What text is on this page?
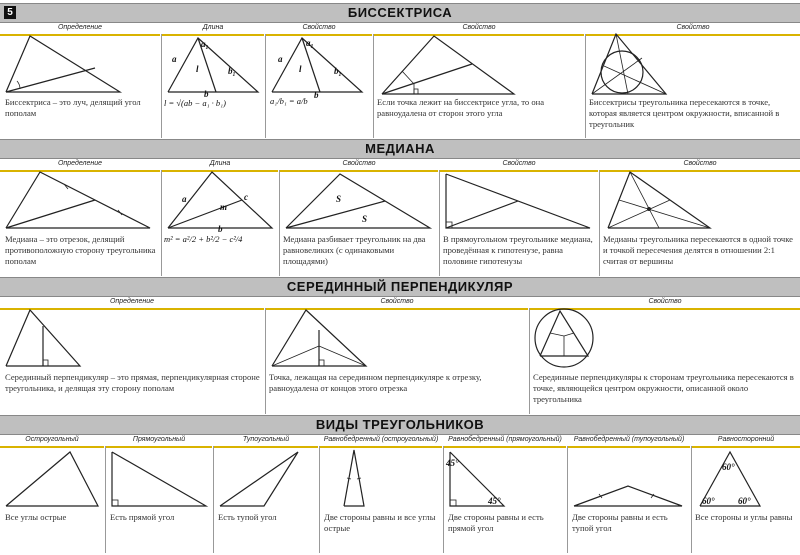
5	БИССЕКТРИСА
Определение	Длина	Свойство	Свойство	Свойство
Биссектриса – это луч, делящий угол пополам
a
a₁
l	b₁
b
l = √(ab − a₁ · b₁)
a
a₁
l	b₁
b
a₁/b₁ = a/b	Если точка лежит на биссектрисе угла, то она равноудалена от сторон этого угла
Биссектрисы треугольника пересекаются в точке, которая является центром окружности, вписанной в треугольник
МЕДИАНА
Определение	Длина	Свойство	Свойство	Свойство
Медиана – это отрезок, делящий противоположную сторону треугольника пополам
a
m
c
b
m² = a²/2 + b²/2 − c²/4
S
S
Медиана разбивает треугольник на два равновеликих (с одинаковыми площадями)
В прямоугольном треугольнике медиана, проведённая к гипотенузе, равна половине гипотенузы
Медианы треугольника пересекаются в одной точке и точкой пересечения делятся в отношении 2:1 считая от вершины
СЕРЕДИННЫЙ ПЕРПЕНДИКУЛЯР
Определение	Свойство	Свойство
Серединный перпендикуляр – это прямая, перпендикулярная стороне треугольника, и делящая эту сторону пополам
Точка, лежащая на серединном перпендикуляре к отрезку, равноудалена от концов этого отрезка
Серединные перпендикуляры к сторонам треугольника пересекаются в точке, являющейся центром окружности, описанной около треугольника
ВИДЫ ТРЕУГОЛЬНИКОВ
Остроугольный	Прямоугольный	Тупоугольный	Равнобедренный (остроугольный)	Равнобедренный (прямоугольный)	Равнобедренный (тупоугольный)	Равносторонний
Все углы острые	Есть прямой угол	Есть тупой угол	Две стороны равны и все углы острые
45°
45°
Две стороны равны и есть прямой угол
Две стороны равны и есть тупой угол
60°
60°	60°
Все стороны и углы равны
